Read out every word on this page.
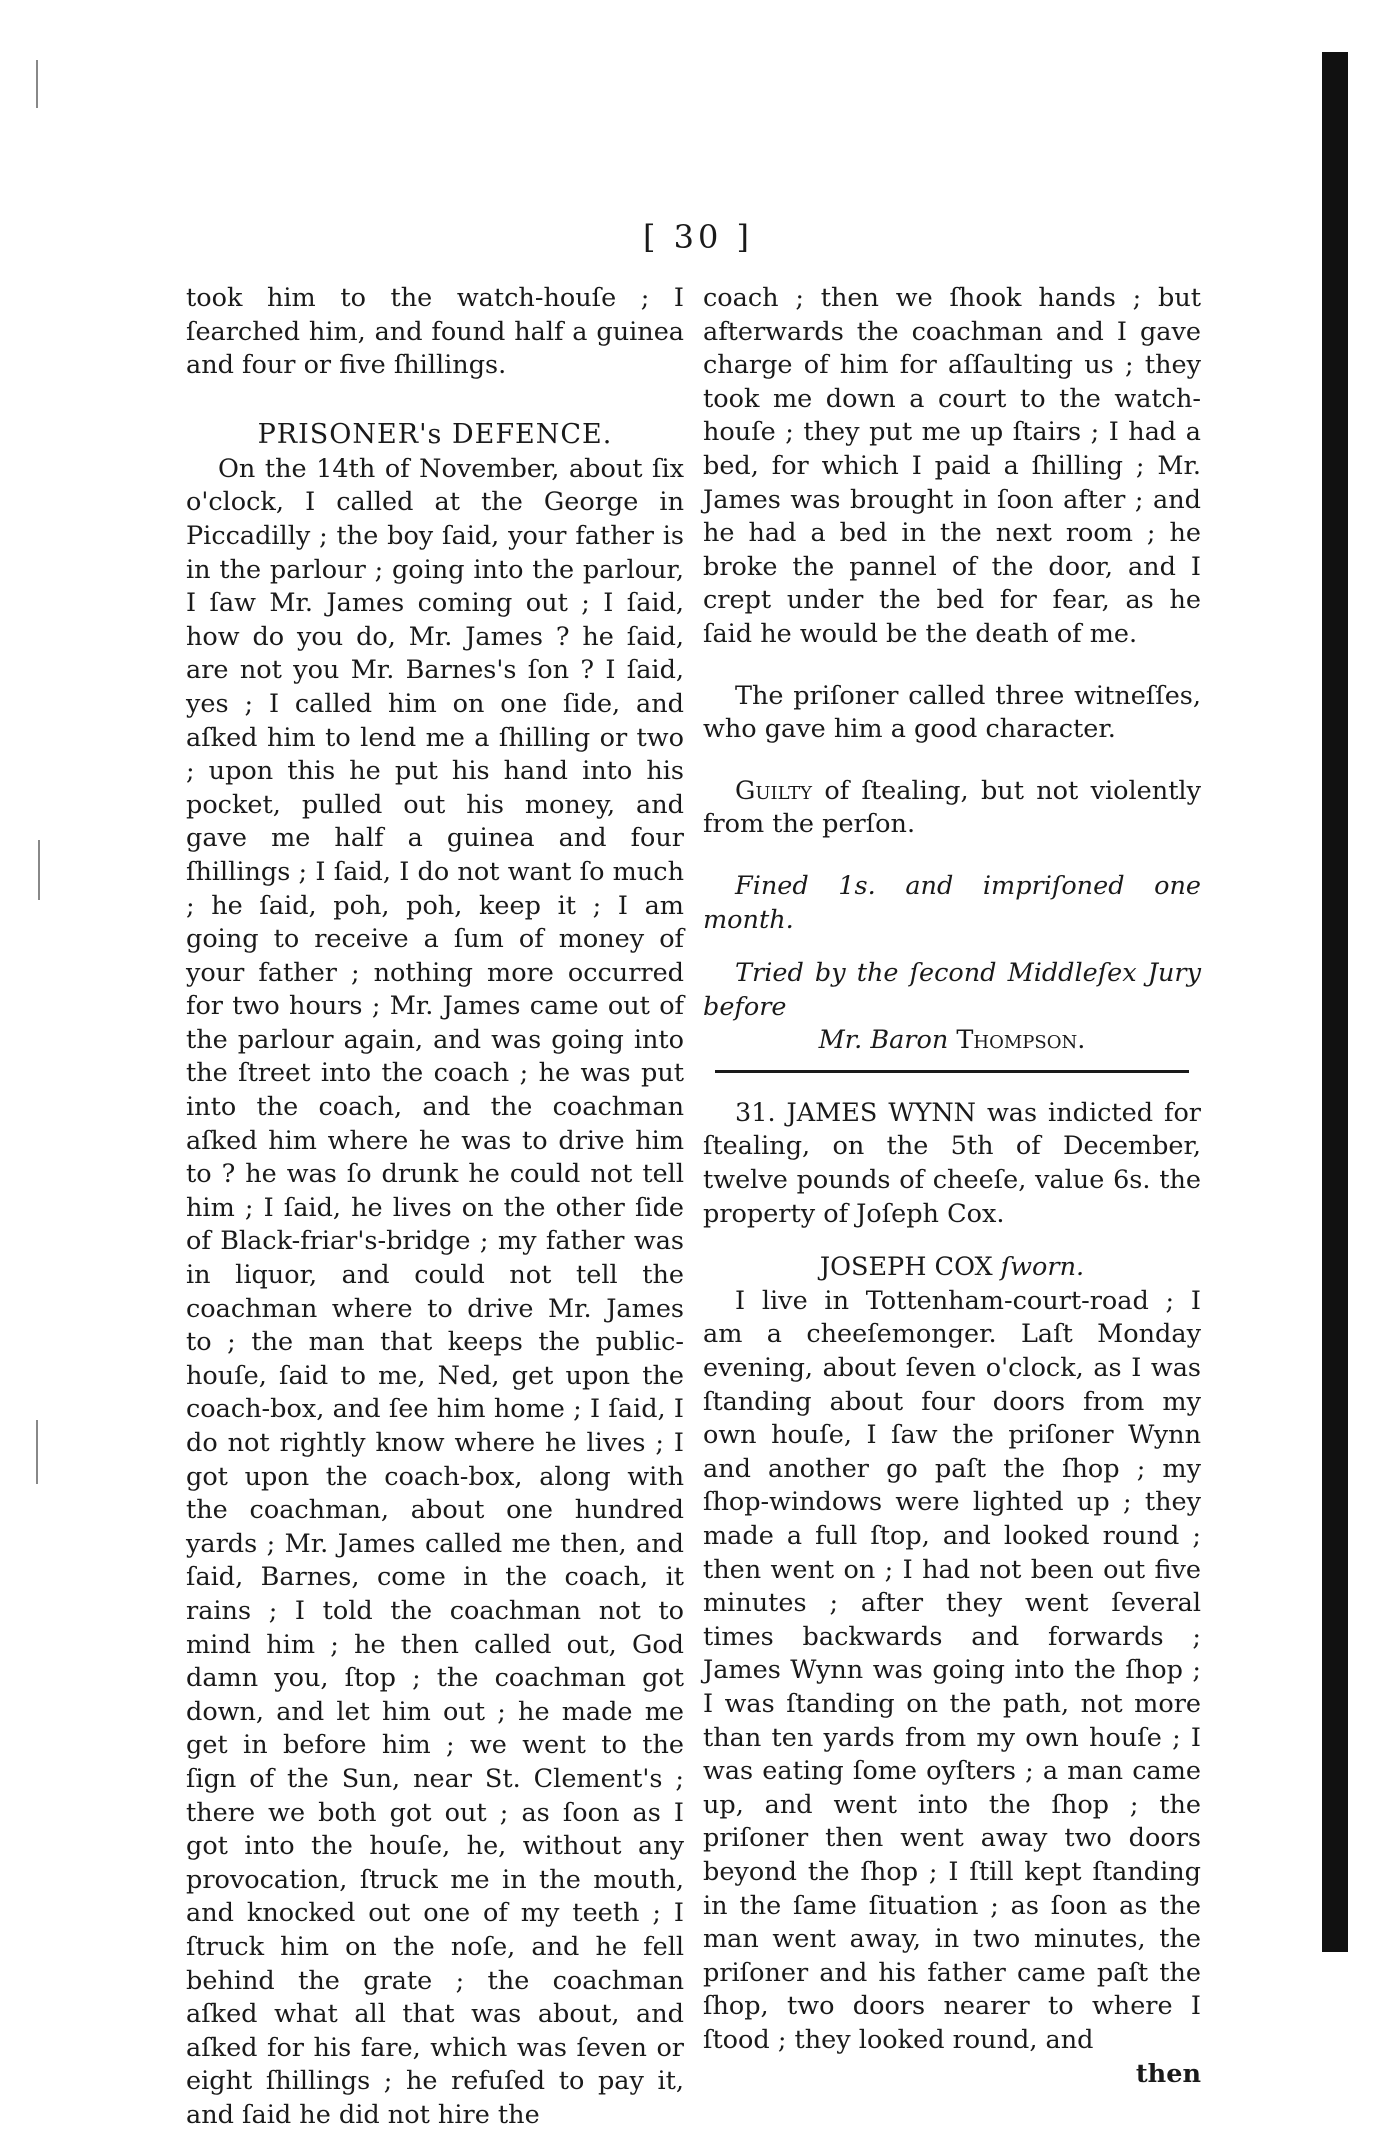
[ 30 ]

took him to the watch-houſe ; I ſearched him, and found half a guinea and four or five ſhillings.

PRISONER's DEFENCE.

On the 14th of November, about ſix o'clock, I called at the George in Piccadilly ; the boy ſaid, your father is in the parlour ; going into the parlour, I ſaw Mr. James coming out ; I ſaid, how do you do, Mr. James ? he ſaid, are not you Mr. Barnes's ſon ? I ſaid, yes ; I called him on one ſide, and aſked him to lend me a ſhilling or two ; upon this he put his hand into his pocket, pulled out his money, and gave me half a guinea and four ſhillings ; I ſaid, I do not want ſo much ; he ſaid, poh, poh, keep it ; I am going to receive a ſum of money of your father ; nothing more occurred for two hours ; Mr. James came out of the parlour again, and was going into the ſtreet into the coach ; he was put into the coach, and the coachman aſked him where he was to drive him to ? he was ſo drunk he could not tell him ; I ſaid, he lives on the other ſide of Black-friar's-bridge ; my father was in liquor, and could not tell the coachman where to drive Mr. James to ; the man that keeps the public-houſe, ſaid to me, Ned, get upon the coach-box, and ſee him home ; I ſaid, I do not rightly know where he lives ; I got upon the coach-box, along with the coachman, about one hundred yards ; Mr. James called me then, and ſaid, Barnes, come in the coach, it rains ; I told the coachman not to mind him ; he then called out, God damn you, ſtop ; the coachman got down, and let him out ; he made me get in before him ; we went to the ſign of the Sun, near St. Clement's ; there we both got out ; as ſoon as I got into the houſe, he, without any provocation, ſtruck me in the mouth, and knocked out one of my teeth ; I ſtruck him on the noſe, and he fell behind the grate ; the coachman aſked what all that was about, and aſked for his fare, which was ſeven or eight ſhillings ; he refuſed to pay it, and ſaid he did not hire the

coach ; then we ſhook hands ; but afterwards the coachman and I gave charge of him for aſſaulting us ; they took me down a court to the watch-houſe ; they put me up ſtairs ; I had a bed, for which I paid a ſhilling ; Mr. James was brought in ſoon after ; and he had a bed in the next room ; he broke the pannel of the door, and I crept under the bed for fear, as he ſaid he would be the death of me.

The priſoner called three witneſſes, who gave him a good character.

Guilty of ſtealing, but not violently from the perſon.

Fined 1s. and impriſoned one month.

Tried by the ſecond Middleſex Jury before

Mr. Baron Thompson.

31. JAMES WYNN was indicted for ſtealing, on the 5th of December, twelve pounds of cheeſe, value 6s. the property of Joſeph Cox.

JOSEPH COX ſworn.

I live in Tottenham-court-road ; I am a cheeſemonger. Laſt Monday evening, about ſeven o'clock, as I was ſtanding about four doors from my own houſe, I ſaw the priſoner Wynn and another go paſt the ſhop ; my ſhop-windows were lighted up ; they made a full ſtop, and looked round ; then went on ; I had not been out five minutes ; after they went ſeveral times backwards and forwards ; James Wynn was going into the ſhop ; I was ſtanding on the path, not more than ten yards from my own houſe ; I was eating ſome oyſters ; a man came up, and went into the ſhop ; the priſoner then went away two doors beyond the ſhop ; I ſtill kept ſtanding in the ſame ſituation ; as ſoon as the man went away, in two minutes, the priſoner and his father came paſt the ſhop, two doors nearer to where I ſtood ; they looked round, and

then
